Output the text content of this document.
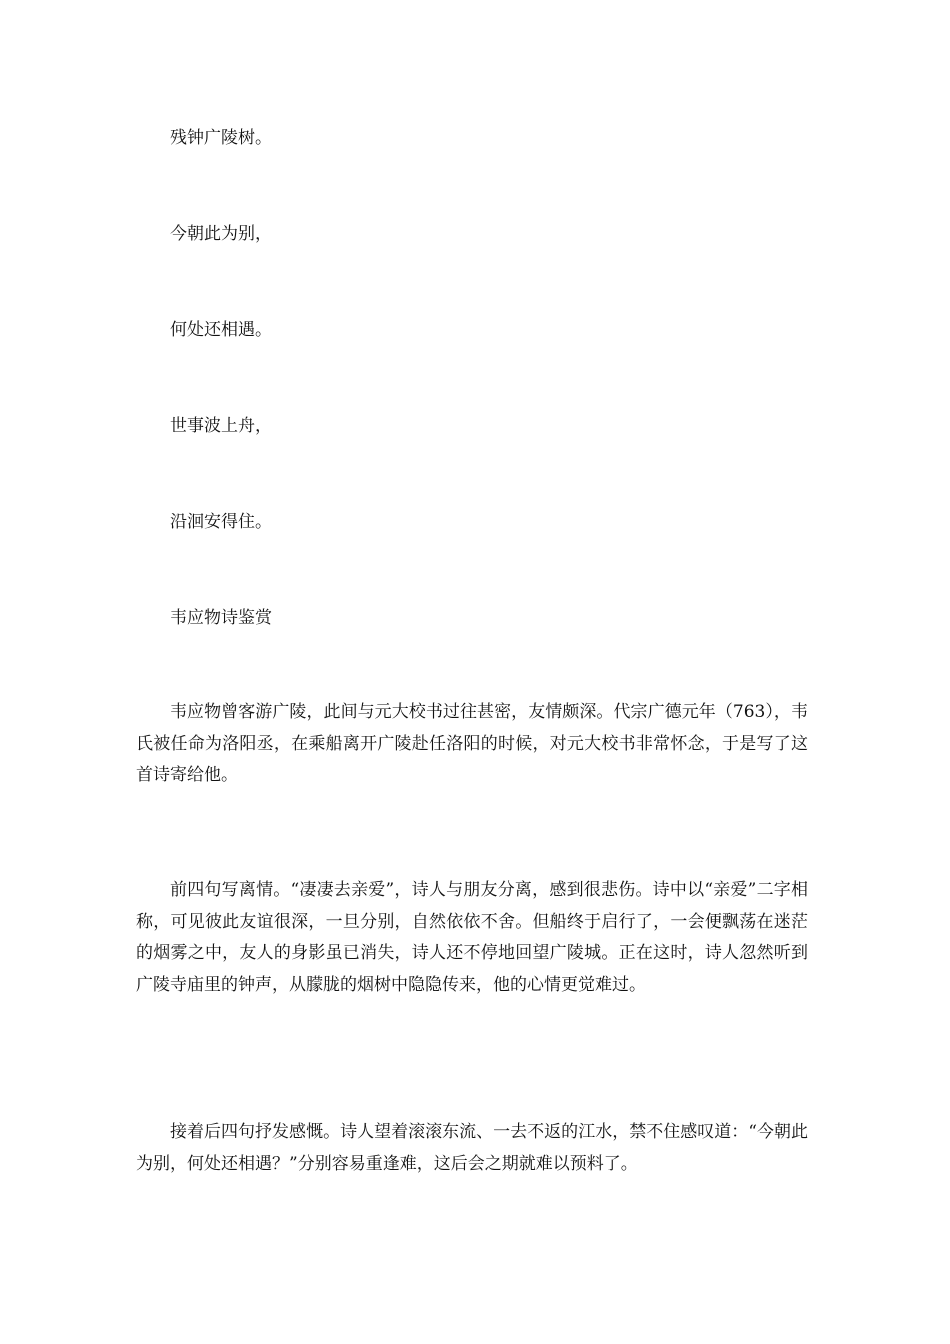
残钟广陵树。

今朝此为别，

何处还相遇。

世事波上舟，

沿洄安得住。

韦应物诗鉴赏

韦应物曾客游广陵，此间与元大校书过往甚密，友情颇深。代宗广德元年（763），韦氏被任命为洛阳丞，在乘船离开广陵赴任洛阳的时候，对元大校书非常怀念，于是写了这首诗寄给他。

前四句写离情。“凄凄去亲爱”，诗人与朋友分离，感到很悲伤。诗中以“亲爱”二字相称，可见彼此友谊很深，一旦分别，自然依依不舍。但船终于启行了，一会便飘荡在迷茫的烟雾之中，友人的身影虽已消失，诗人还不停地回望广陵城。正在这时，诗人忽然听到广陵寺庙里的钟声，从朦胧的烟树中隐隐传来，他的心情更觉难过。

接着后四句抒发感慨。诗人望着滚滚东流、一去不返的江水，禁不住感叹道：“今朝此为别，何处还相遇？”分别容易重逢难，这后会之期就难以预料了。
